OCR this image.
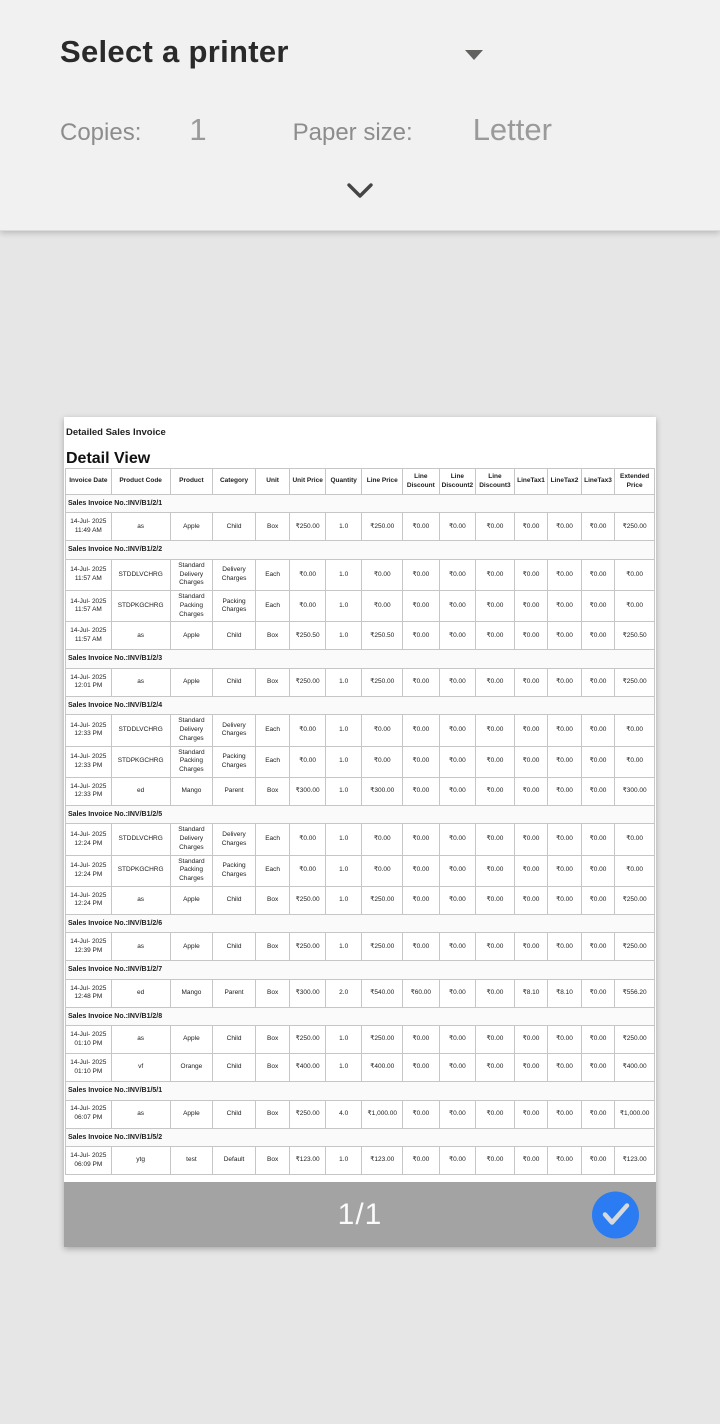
Select a printer
Copies: 1	Paper size: Letter
Detailed Sales Invoice
Detail View
Invoice Date	Product Code	Product	Category	Unit	Unit Price	Quantity	Line Price	Line Discount	Line Discount2	Line Discount3	LineTax1	LineTax2	LineTax3	Extended Price
Sales Invoice No.:INV/B1/2/1														
14-Jul- 2025 11:49 AM	as	Apple	Child	Box	₹250.00	1.0	₹250.00	₹0.00	₹0.00	₹0.00	₹0.00	₹0.00	₹0.00	₹250.00
Sales Invoice No.:INV/B1/2/2														
14-Jul- 2025 11:57 AM	STDDLVCHRG	Standard Delivery Charges	Delivery Charges	Each	₹0.00	1.0	₹0.00	₹0.00	₹0.00	₹0.00	₹0.00	₹0.00	₹0.00	₹0.00
14-Jul- 2025 11:57 AM	STDPKGCHRG	Standard Packing Charges	Packing Charges	Each	₹0.00	1.0	₹0.00	₹0.00	₹0.00	₹0.00	₹0.00	₹0.00	₹0.00	₹0.00
14-Jul- 2025 11:57 AM	as	Apple	Child	Box	₹250.50	1.0	₹250.50	₹0.00	₹0.00	₹0.00	₹0.00	₹0.00	₹0.00	₹250.50
Sales Invoice No.:INV/B1/2/3														
14-Jul- 2025 12:01 PM	as	Apple	Child	Box	₹250.00	1.0	₹250.00	₹0.00	₹0.00	₹0.00	₹0.00	₹0.00	₹0.00	₹250.00
Sales Invoice No.:INV/B1/2/4														
14-Jul- 2025 12:33 PM	STDDLVCHRG	Standard Delivery Charges	Delivery Charges	Each	₹0.00	1.0	₹0.00	₹0.00	₹0.00	₹0.00	₹0.00	₹0.00	₹0.00	₹0.00
14-Jul- 2025 12:33 PM	STDPKGCHRG	Standard Packing Charges	Packing Charges	Each	₹0.00	1.0	₹0.00	₹0.00	₹0.00	₹0.00	₹0.00	₹0.00	₹0.00	₹0.00
14-Jul- 2025 12:33 PM	ed	Mango	Parent	Box	₹300.00	1.0	₹300.00	₹0.00	₹0.00	₹0.00	₹0.00	₹0.00	₹0.00	₹300.00
Sales Invoice No.:INV/B1/2/5														
14-Jul- 2025 12:24 PM	STDDLVCHRG	Standard Delivery Charges	Delivery Charges	Each	₹0.00	1.0	₹0.00	₹0.00	₹0.00	₹0.00	₹0.00	₹0.00	₹0.00	₹0.00
14-Jul- 2025 12:24 PM	STDPKGCHRG	Standard Packing Charges	Packing Charges	Each	₹0.00	1.0	₹0.00	₹0.00	₹0.00	₹0.00	₹0.00	₹0.00	₹0.00	₹0.00
14-Jul- 2025 12:24 PM	as	Apple	Child	Box	₹250.00	1.0	₹250.00	₹0.00	₹0.00	₹0.00	₹0.00	₹0.00	₹0.00	₹250.00
Sales Invoice No.:INV/B1/2/6														
14-Jul- 2025 12:39 PM	as	Apple	Child	Box	₹250.00	1.0	₹250.00	₹0.00	₹0.00	₹0.00	₹0.00	₹0.00	₹0.00	₹250.00
Sales Invoice No.:INV/B1/2/7														
14-Jul- 2025 12:48 PM	ed	Mango	Parent	Box	₹300.00	2.0	₹540.00	₹60.00	₹0.00	₹0.00	₹8.10	₹8.10	₹0.00	₹556.20
Sales Invoice No.:INV/B1/2/8														
14-Jul- 2025 01:10 PM	as	Apple	Child	Box	₹250.00	1.0	₹250.00	₹0.00	₹0.00	₹0.00	₹0.00	₹0.00	₹0.00	₹250.00
14-Jul- 2025 01:10 PM	vf	Orange	Child	Box	₹400.00	1.0	₹400.00	₹0.00	₹0.00	₹0.00	₹0.00	₹0.00	₹0.00	₹400.00
Sales Invoice No.:INV/B1/5/1														
14-Jul- 2025 06:07 PM	as	Apple	Child	Box	₹250.00	4.0	₹1,000.00	₹0.00	₹0.00	₹0.00	₹0.00	₹0.00	₹0.00	₹1,000.00
Sales Invoice No.:INV/B1/5/2														
14-Jul- 2025 06:09 PM	ytg	test	Default	Box	₹123.00	1.0	₹123.00	₹0.00	₹0.00	₹0.00	₹0.00	₹0.00	₹0.00	₹123.00
1/1
